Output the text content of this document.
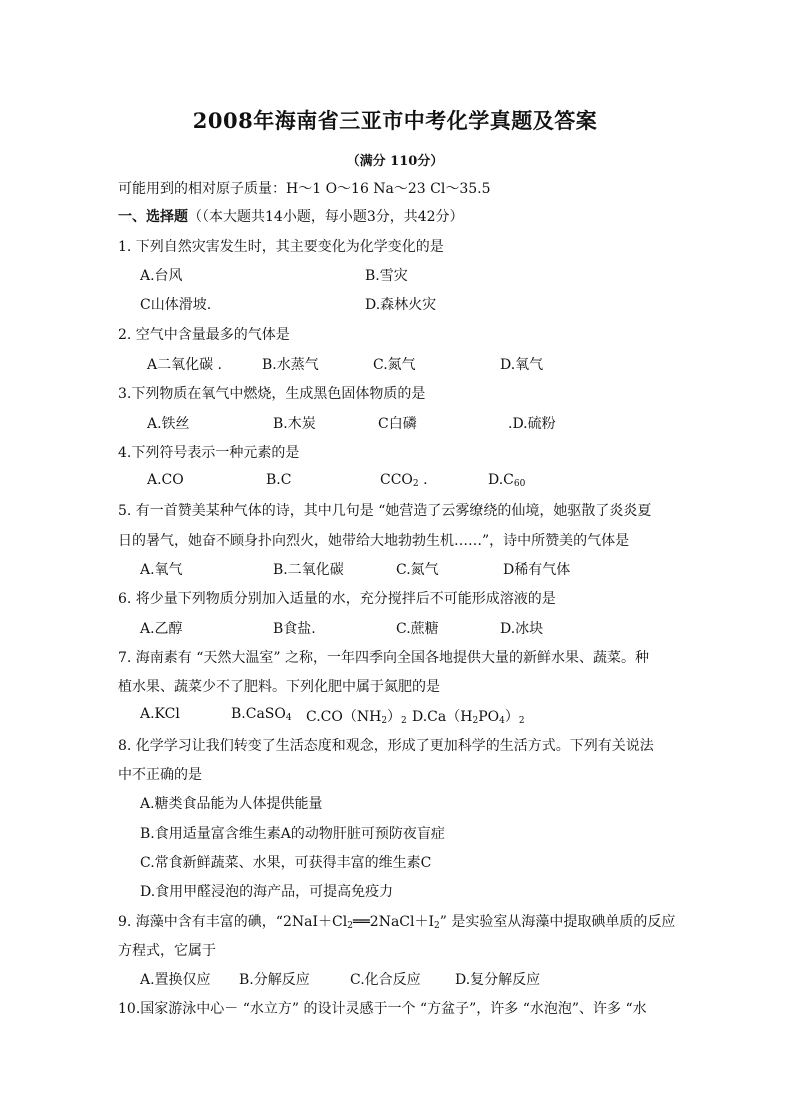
2008年海南省三亚市中考化学真题及答案
（满分 110分）
可能用到的相对原子质量：H～1 O～16 Na～23 Cl～35.5
一、选择题（（本大题共14小题，每小题3分，共42分）
1. 下列自然灾害发生时，其主要变化为化学变化的是
A.台风	B.雪灾
C山体滑坡.	D.森林火灾
2. 空气中含量最多的气体是
A二氧化碳 .	B.水蒸气	C.氮气	D.氧气
3.下列物质在氧气中燃烧，生成黑色固体物质的是
A.铁丝	B.木炭	C白磷	.D.硫粉
4.下列符号表示一种元素的是
A.CO	B.C	$CCO_2$ .	$D.C_{60}$
5. 有一首赞美某种气体的诗，其中几句是 “她营造了云雾缭绕的仙境，她驱散了炎炎夏
日的暑气，她奋不顾身扑向烈火，她带给大地勃勃生机……”，诗中所赞美的气体是
A.氧气	B.二氧化碳	C.氮气	D稀有气体
6. 将少量下列物质分别加入适量的水，充分搅拌后不可能形成溶液的是
A.乙醇	B食盐.	C.蔗糖	D.冰块
7. 海南素有 “天然大温室” 之称，一年四季向全国各地提供大量的新鲜水果、蔬菜。种
植水果、蔬菜少不了肥料。下列化肥中属于氮肥的是
A.KCl	B.CaSO$_4$ $C.CO(NH_2)_2$ $D.Ca(H_2PO_4)_2$
8. 化学学习让我们转变了生活态度和观念，形成了更加科学的生活方式。下列有关说法
中不正确的是
A.糖类食品能为人体提供能量
B.食用适量富含维生素A的动物肝脏可预防夜盲症
C.常食新鲜蔬菜、水果，可获得丰富的维生素C
D.食用甲醛浸泡的海产品，可提高免疫力
9. 海藻中含有丰富的碘，“$2NaI+Cl_2══2NaCl+I_2$” 是实验室从海藻中提取碘单质的反应
方程式，它属于
A.置换仅应 B.分解反应	C.化合反应 D.复分解反应
10.国家游泳中心－ “水立方” 的设计灵感于一个 “方盆子”，许多 “水泡泡”、许多 “水
